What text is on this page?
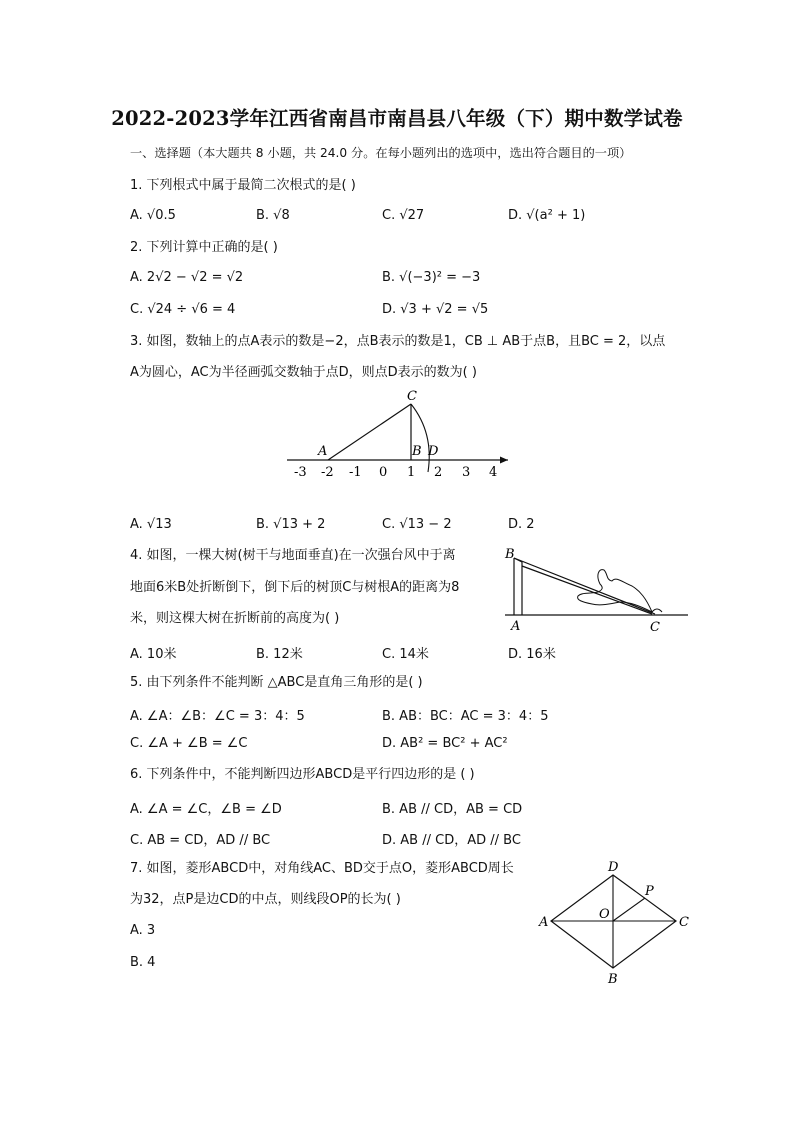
2022-2023学年江西省南昌市南昌县八年级（下）期中数学试卷
一、选择题（本大题共 8 小题，共 24.0 分。在每小题列出的选项中，选出符合题目的一项）
1. 下列根式中属于最简二次根式的是( )
A. √0.5	B. √8	C. √27	D. √(a² + 1)
2. 下列计算中正确的是( )
A. 2√2 − √2 = √2	B. √(−3)² = −3
C. √24 ÷ √6 = 4	D. √3 + √2 = √5
3. 如图，数轴上的点A表示的数是−2，点B表示的数是1，CB ⊥ AB于点B，且BC = 2，以点
A为圆心，AC为半径画弧交数轴于点D，则点D表示的数为( )
C
A	B D
-3 -2 -1 0 1 2 3 4
A. √13	B. √13 + 2	C. √13 − 2	D. 2
4. 如图，一棵大树(树干与地面垂直)在一次强台风中于离
地面6米B处折断倒下，倒下后的树顶C与树根A的距离为8
米，则这棵大树在折断前的高度为( )
B
A	C
A. 10米	B. 12米	C. 14米	D. 16米
5. 由下列条件不能判断 △ABC是直角三角形的是( )
A. ∠A：∠B：∠C = 3：4：5	B. AB：BC：AC = 3：4：5
C. ∠A + ∠B = ∠C	D. AB² = BC² + AC²
6. 下列条件中，不能判断四边形ABCD是平行四边形的是 ( )
A. ∠A = ∠C，∠B = ∠D	B. AB // CD，AB = CD
C. AB = CD，AD // BC	D. AB // CD，AD // BC
7. 如图，菱形ABCD中，对角线AC、BD交于点O，菱形ABCD周长
为32，点P是边CD的中点，则线段OP的长为( )
A. 3
B. 4
D
P
A
O
C
B
